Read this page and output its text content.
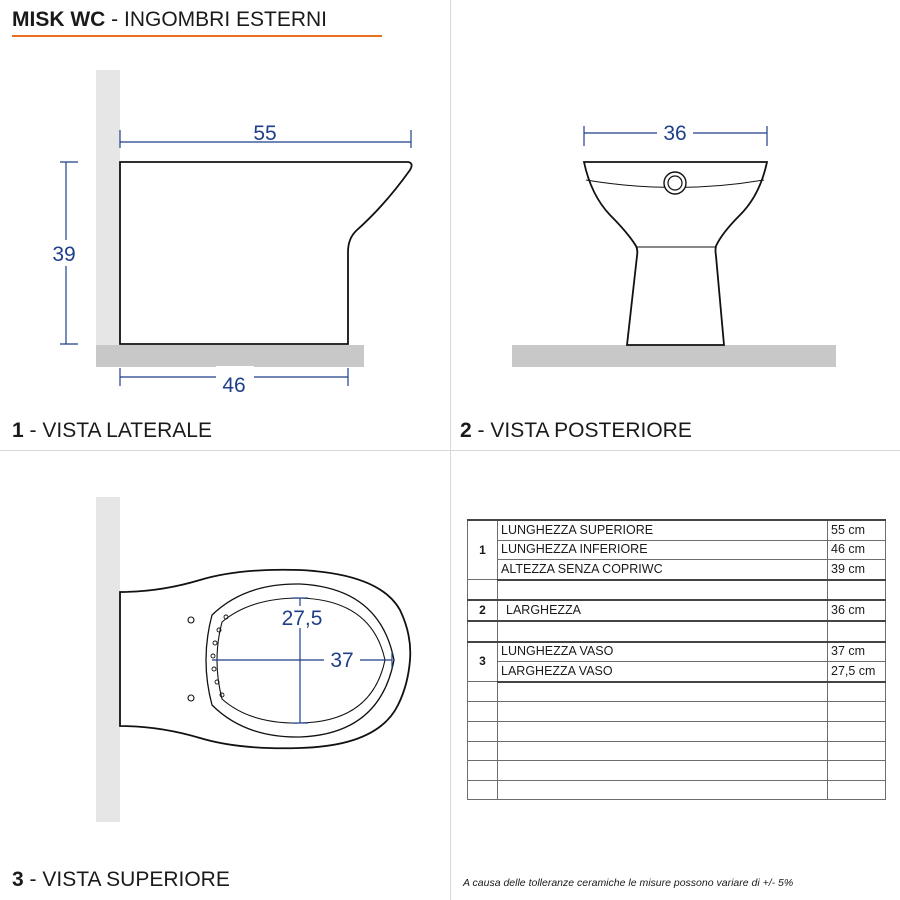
MISK WC - INGOMBRI ESTERNI
55
39
46
36
27,5
37
1 - VISTA LATERALE	2 - VISTA POSTERIORE
3 - VISTA SUPERIORE
1	LUNGHEZZA SUPERIORE	55 cm
	LUNGHEZZA INFERIORE	46 cm
	ALTEZZA SENZA COPRIWC	39 cm

2	LARGHEZZA	36 cm

3	LUNGHEZZA VASO	37 cm
	LARGHEZZA VASO	27,5 cm

A causa delle tolleranze ceramiche le misure possono variare di +/- 5%
